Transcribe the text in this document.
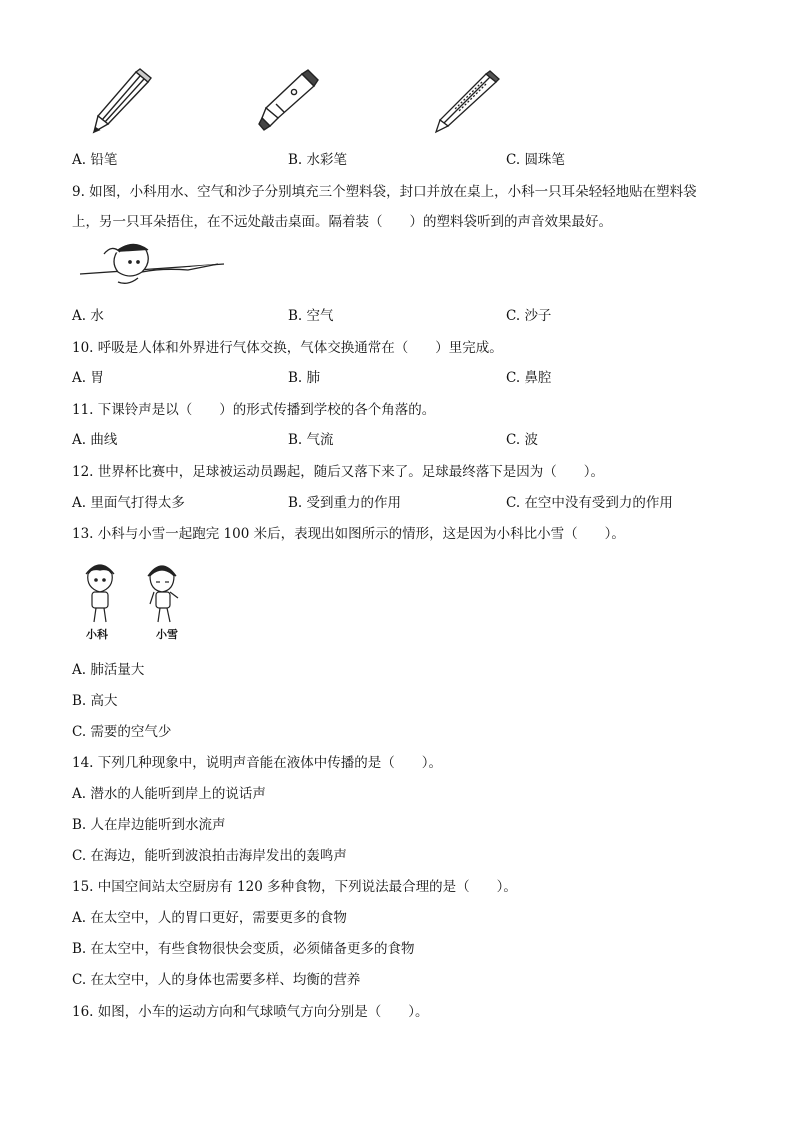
A. 铅笔	B. 水彩笔	C. 圆珠笔
9. 如图，小科用水、空气和沙子分别填充三个塑料袋，封口并放在桌上，小科一只耳朵轻轻地贴在塑料袋
上，另一只耳朵捂住，在不远处敲击桌面。隔着装（　　）的塑料袋听到的声音效果最好。
A. 水	B. 空气	C. 沙子
10. 呼吸是人体和外界进行气体交换，气体交换通常在（　　）里完成。
A. 胃	B. 肺	C. 鼻腔
11. 下课铃声是以（　　）的形式传播到学校的各个角落的。
A. 曲线	B. 气流	C. 波
12. 世界杯比赛中，足球被运动员踢起，随后又落下来了。足球最终落下是因为（　　）。
A. 里面气打得太多	B. 受到重力的作用	C. 在空中没有受到力的作用
13. 小科与小雪一起跑完 100 米后，表现出如图所示的情形，这是因为小科比小雪（　　）。
小科	小雪
A. 肺活量大
B. 高大
C. 需要的空气少
14. 下列几种现象中，说明声音能在液体中传播的是（　　）。
A. 潜水的人能听到岸上的说话声
B. 人在岸边能听到水流声
C. 在海边，能听到波浪拍击海岸发出的轰鸣声
15. 中国空间站太空厨房有 120 多种食物，下列说法最合理的是（　　）。
A. 在太空中，人的胃口更好，需要更多的食物
B. 在太空中，有些食物很快会变质，必须储备更多的食物
C. 在太空中，人的身体也需要多样、均衡的营养
16. 如图，小车的运动方向和气球喷气方向分别是（　　）。
